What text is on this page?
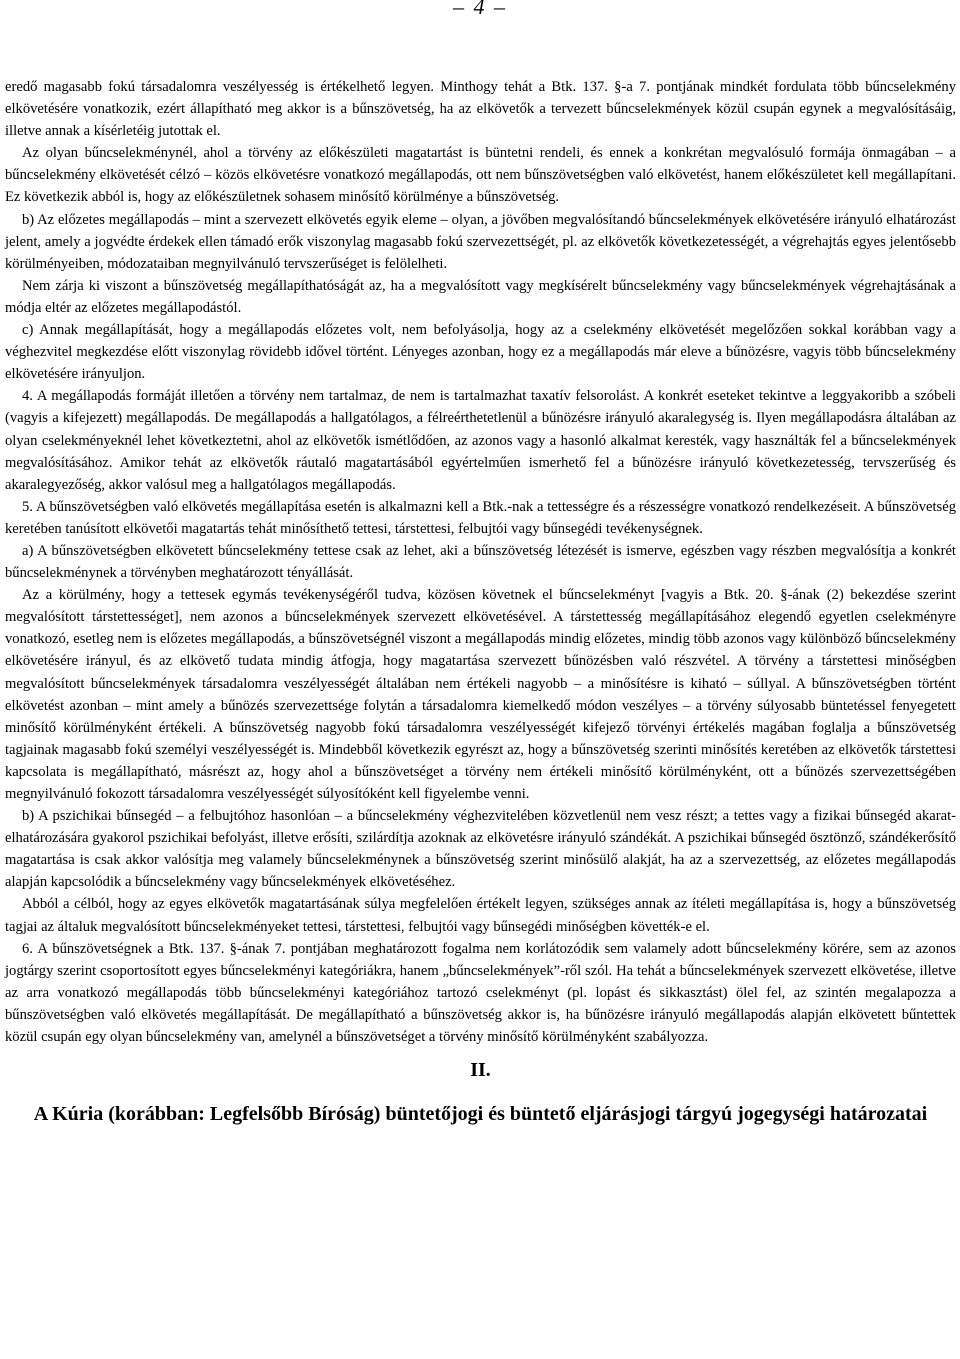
– 4 –

eredő magasabb fokú társadalomra veszélyesség is értékelhető legyen. Minthogy tehát a Btk. 137. §-a 7. pontjának mindkét fordulata több bűncselekmény elkövetésére vonatkozik, ezért állapítható meg akkor is a bűnszövetség, ha az elkövetők a tervezett bűncselekmények közül csupán egynek a megvalósításáig, illetve annak a kísérletéig jutottak el.

Az olyan bűncselekménynél, ahol a törvény az előkészületi magatartást is büntetni rendeli, és ennek a konkrétan megvalósuló formája önmagában – a bűncselekmény elkövetését célzó – közös elkövetésre vonatkozó megállapodás, ott nem bűnszövetségben való elkövetést, hanem előkészületet kell megállapítani. Ez következik abból is, hogy az előkészületnek sohasem minősítő körülménye a bűnszövetség.

b) Az előzetes megállapodás – mint a szervezett elkövetés egyik eleme – olyan, a jövőben megvalósítandó bűncselekmények elkövetésére irányuló elhatározást jelent, amely a jogvédte érdekek ellen támadó erők viszonylag magasabb fokú szervezettségét, pl. az elkövetők következetességét, a végrehajtás egyes jelentősebb körülményeiben, módozataiban megnyilvánuló tervszerűséget is felölelheti.

Nem zárja ki viszont a bűnszövetség megállapíthatóságát az, ha a megvalósított vagy megkísérelt bűncselekmény vagy bűncselekmények végrehajtásának a módja eltér az előzetes megállapodástól.

c) Annak megállapítását, hogy a megállapodás előzetes volt, nem befolyásolja, hogy az a cselekmény elkövetését megelőzően sokkal korábban vagy a véghezvitel megkezdése előtt viszonylag rövidebb idővel történt. Lényeges azonban, hogy ez a megállapodás már eleve a bűnözésre, vagyis több bűncselekmény elkövetésére irányuljon.

4. A megállapodás formáját illetően a törvény nem tartalmaz, de nem is tartalmazhat taxatív felsorolást. A konkrét eseteket tekintve a leggyakoribb a szóbeli (vagyis a kifejezett) megállapodás. De megállapodás a hallgatólagos, a félreérthetetlenül a bűnözésre irányuló akaralegység is. Ilyen megállapodásra általában az olyan cselekményeknél lehet következtetni, ahol az elkövetők ismétlődően, az azonos vagy a hasonló alkalmat keresték, vagy használták fel a bűncselekmények megvalósításához. Amikor tehát az elkövetők ráutaló magatartásából egyértelműen ismerhető fel a bűnözésre irányuló következetesség, tervszerűség és akaralegyezőség, akkor valósul meg a hallgatólagos megállapodás.

5. A bűnszövetségben való elkövetés megállapítása esetén is alkalmazni kell a Btk.-nak a tettességre és a részességre vonatkozó rendelkezéseit. A bűnszövetség keretében tanúsított elkövetői magatartás tehát minősíthető tettesi, társtettesi, felbujtói vagy bűnsegédi tevékenységnek.

a) A bűnszövetségben elkövetett bűncselekmény tettese csak az lehet, aki a bűnszövetség létezését is ismerve, egészben vagy részben megvalósítja a konkrét bűncselekménynek a törvényben meghatározott tényállását.

Az a körülmény, hogy a tettesek egymás tevékenységéről tudva, közösen követnek el bűncselekményt [vagyis a Btk. 20. §-ának (2) bekezdése szerint megvalósított társtettességet], nem azonos a bűncselekmények szervezett elkövetésével. A társtettesség megállapításához elegendő egyetlen cselekményre vonatkozó, esetleg nem is előzetes megállapodás, a bűnszövetségnél viszont a megállapodás mindig előzetes, mindig több azonos vagy különböző bűncselekmény elkövetésére irányul, és az elkövető tudata mindig átfogja, hogy magatartása szervezett bűnözésben való részvétel. A törvény a társtettesi minőségben megvalósított bűncselekmények társadalomra veszélyességét általában nem értékeli nagyobb – a minősítésre is kiható – súllyal. A bűnszövetségben történt elkövetést azonban – mint amely a bűnözés szervezettsége folytán a társadalomra kiemelkedő módon veszélyes – a törvény súlyosabb büntetéssel fenyegetett minősítő körülményként értékeli. A bűnszövetség nagyobb fokú társadalomra veszélyességét kifejező törvényi értékelés magában foglalja a bűnszövetség tagjainak magasabb fokú személyi veszélyességét is. Mindebből következik egyrészt az, hogy a bűnszövetség szerinti minősítés keretében az elkövetők társtettesi kapcsolata is megállapítható, másrészt az, hogy ahol a bűnszövetséget a törvény nem értékeli minősítő körülményként, ott a bűnözés szervezettségében megnyilvánuló fokozott társadalomra veszélyességét súlyosítóként kell figyelembe venni.

b) A pszichikai bűnsegéd – a felbujtóhoz hasonlóan – a bűncselekmény véghezvitelében közvetlenül nem vesz részt; a tettes vagy a fizikai bűnsegéd akarat-elhatározására gyakorol pszichikai befolyást, illetve erősíti, szilárdítja azoknak az elkövetésre irányuló szándékát. A pszichikai bűnsegéd ösztönző, szándékerősítő magatartása is csak akkor valósítja meg valamely bűncselekménynek a bűnszövetség szerint minősülő alakját, ha az a szervezettség, az előzetes megállapodás alapján kapcsolódik a bűncselekmény vagy bűncselekmények elkövetéséhez.

Abból a célból, hogy az egyes elkövetők magatartásának súlya megfelelően értékelt legyen, szükséges annak az ítéleti megállapítása is, hogy a bűnszövetség tagjai az általuk megvalósított bűncselekményeket tettesi, társtettesi, felbujtói vagy bűnsegédi minőségben követték-e el.

6. A bűnszövetségnek a Btk. 137. §-ának 7. pontjában meghatározott fogalma nem korlátozódik sem valamely adott bűncselekmény körére, sem az azonos jogtárgy szerint csoportosított egyes bűncselekményi kategóriákra, hanem „bűncselekmények”-ről szól. Ha tehát a bűncselekmények szervezett elkövetése, illetve az arra vonatkozó megállapodás több bűncselekményi kategóriához tartozó cselekményt (pl. lopást és sikkasztást) ölel fel, az szintén megalapozza a bűnszövetségben való elkövetés megállapítását. De megállapítható a bűnszövetség akkor is, ha bűnözésre irányuló megállapodás alapján elkövetett bűntettek közül csupán egy olyan bűncselekmény van, amelynél a bűnszövetséget a törvény minősítő körülményként szabályozza.

II.
A Kúria (korábban: Legfelsőbb Bíróság) büntetőjogi és büntető eljárásjogi tárgyú jogegységi határozatai
